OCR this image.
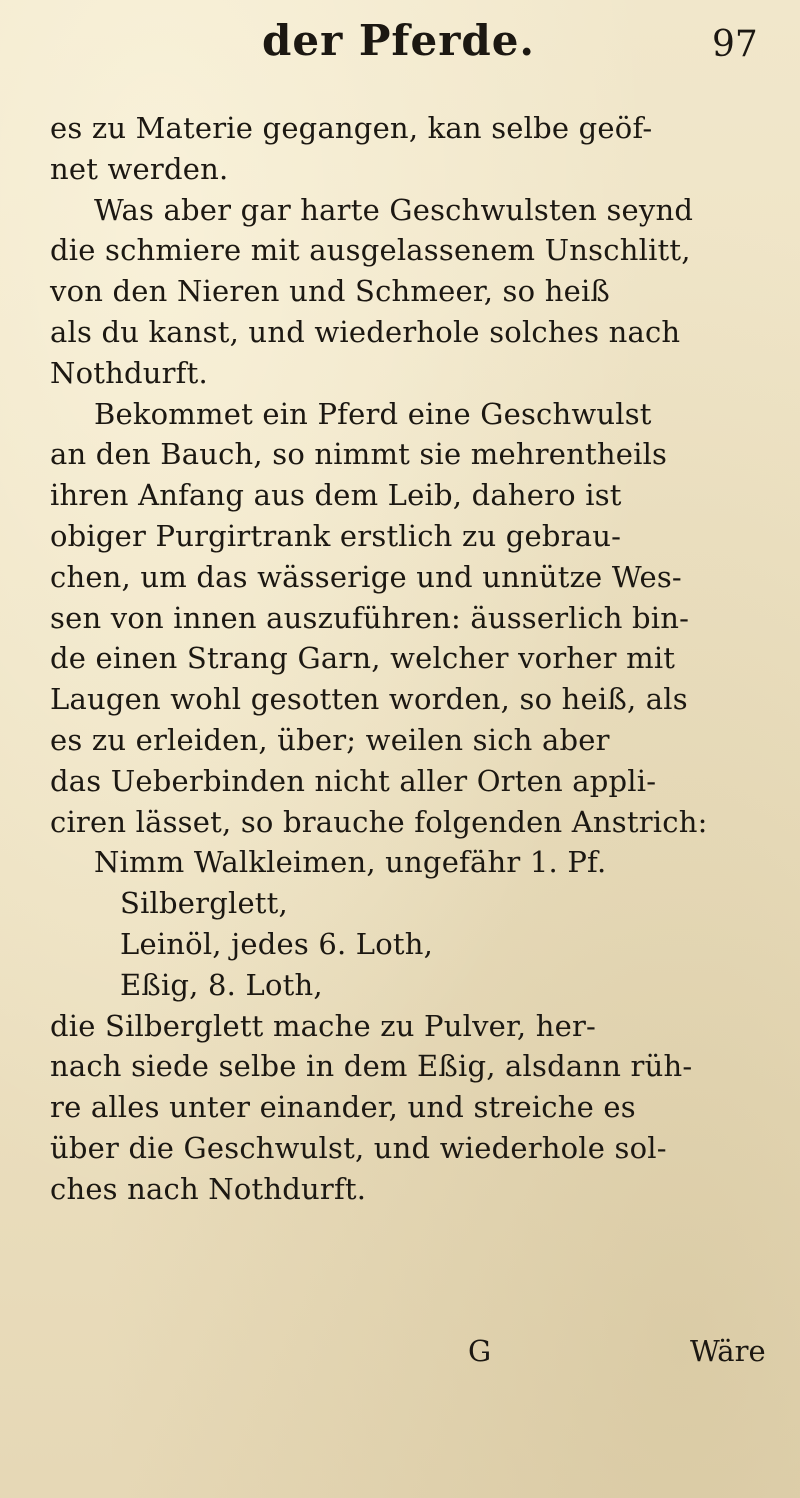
der Pferde.	97
es zu Materie gegangen, kan selbe geöf-
net werden.
Was aber gar harte Geschwulsten seynd
die schmiere mit ausgelassenem Unschlitt,
von den Nieren und Schmeer, so heiß
als du kanst, und wiederhole solches nach
Nothdurft.
Bekommet ein Pferd eine Geschwulst
an den Bauch, so nimmt sie mehrentheils
ihren Anfang aus dem Leib, dahero ist
obiger Purgirtrank erstlich zu gebrau-
chen, um das wässerige und unnütze Wes-
sen von innen auszuführen: äusserlich bin-
de einen Strang Garn, welcher vorher mit
Laugen wohl gesotten worden, so heiß, als
es zu erleiden, über; weilen sich aber
das Ueberbinden nicht aller Orten appli-
ciren lässet, so brauche folgenden Anstrich:
Nimm Walkleimen, ungefähr 1. Pf.
Silberglett,
Leinöl, jedes 6. Loth,
Eßig, 8. Loth,
die Silberglett mache zu Pulver, her-
nach siede selbe in dem Eßig, alsdann rüh-
re alles unter einander, und streiche es
über die Geschwulst, und wiederhole sol-
ches nach Nothdurft.
G	Wäre
